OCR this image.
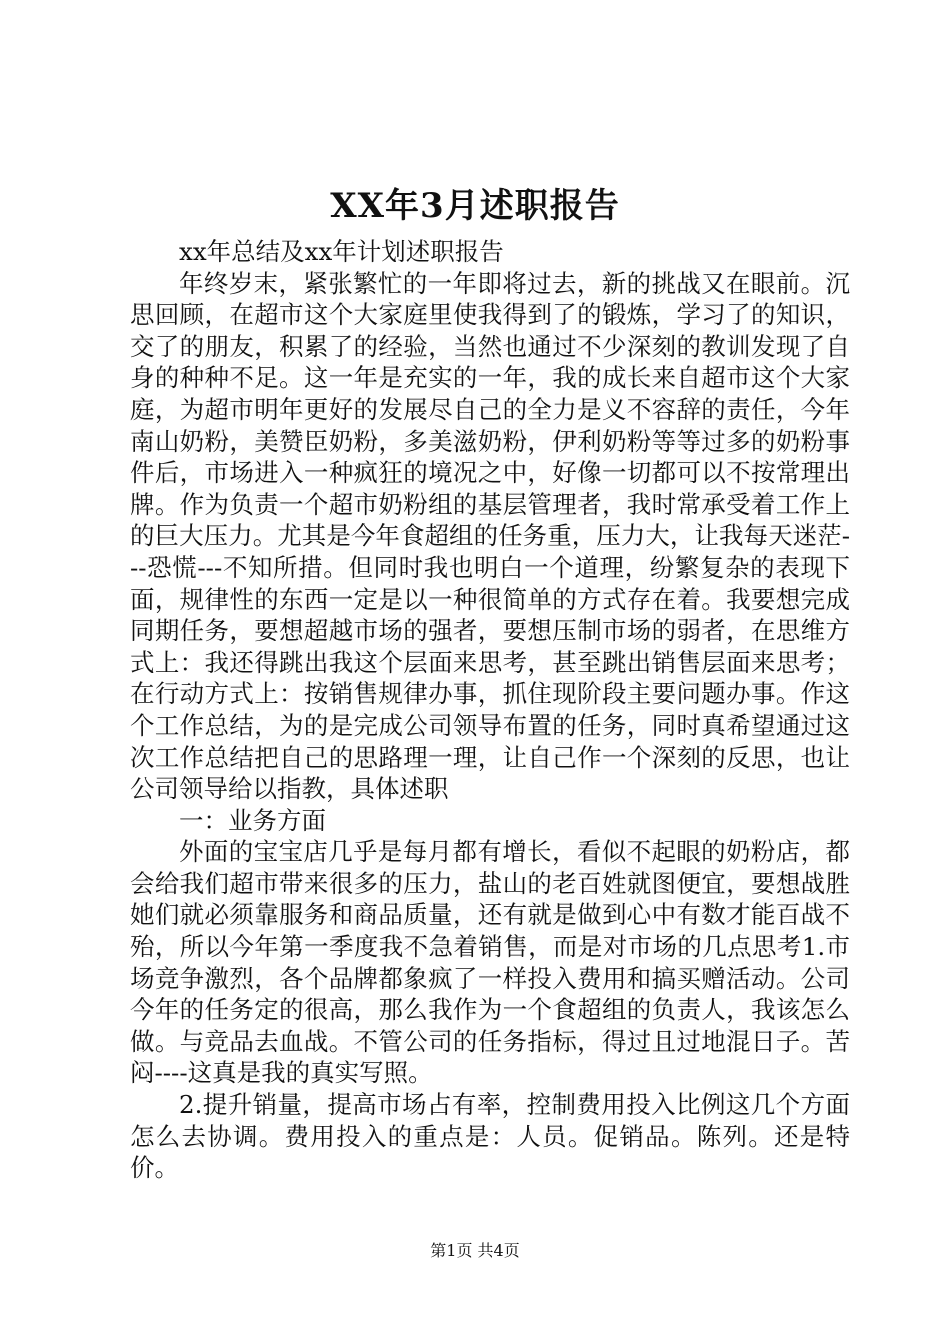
XX年3月述职报告

xx年总结及xx年计划述职报告

年终岁末，紧张繁忙的一年即将过去，新的挑战又在眼前。沉思回顾，在超市这个大家庭里使我得到了的锻炼，学习了的知识，交了的朋友，积累了的经验，当然也通过不少深刻的教训发现了自身的种种不足。这一年是充实的一年，我的成长来自超市这个大家庭，为超市明年更好的发展尽自己的全力是义不容辞的责任，今年南山奶粉，美赞臣奶粉，多美滋奶粉，伊利奶粉等等过多的奶粉事件后，市场进入一种疯狂的境况之中，好像一切都可以不按常理出牌。作为负责一个超市奶粉组的基层管理者，我时常承受着工作上的巨大压力。尤其是今年食超组的任务重，压力大，让我每天迷茫---恐慌---不知所措。但同时我也明白一个道理，纷繁复杂的表现下面，规律性的东西一定是以一种很简单的方式存在着。我要想完成同期任务，要想超越市场的强者，要想压制市场的弱者，在思维方式上：我还得跳出我这个层面来思考，甚至跳出销售层面来思考；在行动方式上：按销售规律办事，抓住现阶段主要问题办事。作这个工作总结，为的是完成公司领导布置的任务，同时真希望通过这次工作总结把自己的思路理一理，让自己作一个深刻的反思，也让公司领导给以指教，具体述职

一：业务方面

外面的宝宝店几乎是每月都有增长，看似不起眼的奶粉店，都会给我们超市带来很多的压力，盐山的老百姓就图便宜，要想战胜她们就必须靠服务和商品质量，还有就是做到心中有数才能百战不殆，所以今年第一季度我不急着销售，而是对市场的几点思考1.市场竞争激烈，各个品牌都象疯了一样投入费用和搞买赠活动。公司今年的任务定的很高，那么我作为一个食超组的负责人，我该怎么做。与竞品去血战。不管公司的任务指标，得过且过地混日子。苦闷----这真是我的真实写照。

2.提升销量，提高市场占有率，控制费用投入比例这几个方面怎么去协调。费用投入的重点是：人员。促销品。陈列。还是特价。

第1页 共4页
